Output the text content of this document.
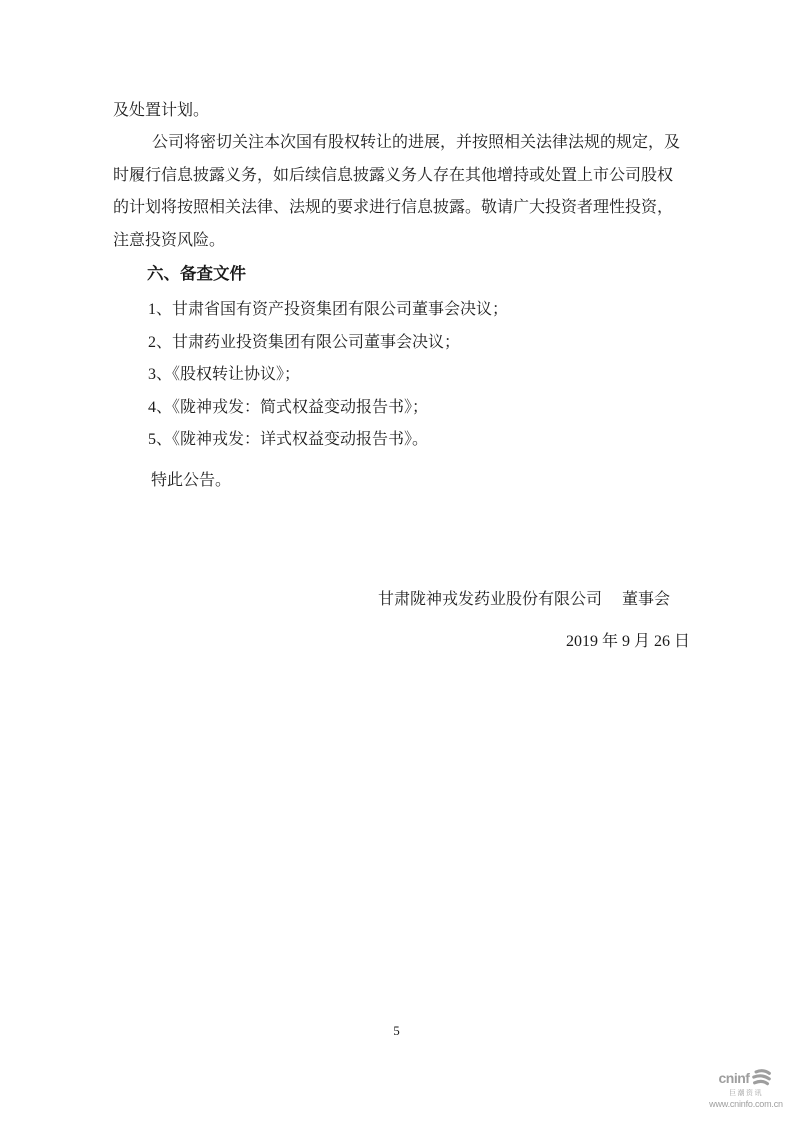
及处置计划。
公司将密切关注本次国有股权转让的进展，并按照相关法律法规的规定，及
时履行信息披露义务，如后续信息披露义务人存在其他增持或处置上市公司股权
的计划将按照相关法律、法规的要求进行信息披露。敬请广大投资者理性投资，
注意投资风险。
六、备查文件
1、甘肃省国有资产投资集团有限公司董事会决议；
2、甘肃药业投资集团有限公司董事会决议；
3、《股权转让协议》；
4、《陇神戎发：简式权益变动报告书》；
5、《陇神戎发：详式权益变动报告书》。
特此公告。
甘肃陇神戎发药业股份有限公司　 董事会
2019 年 9 月 26 日
5
cninf
巨潮资讯
www.cninfo.com.cn
